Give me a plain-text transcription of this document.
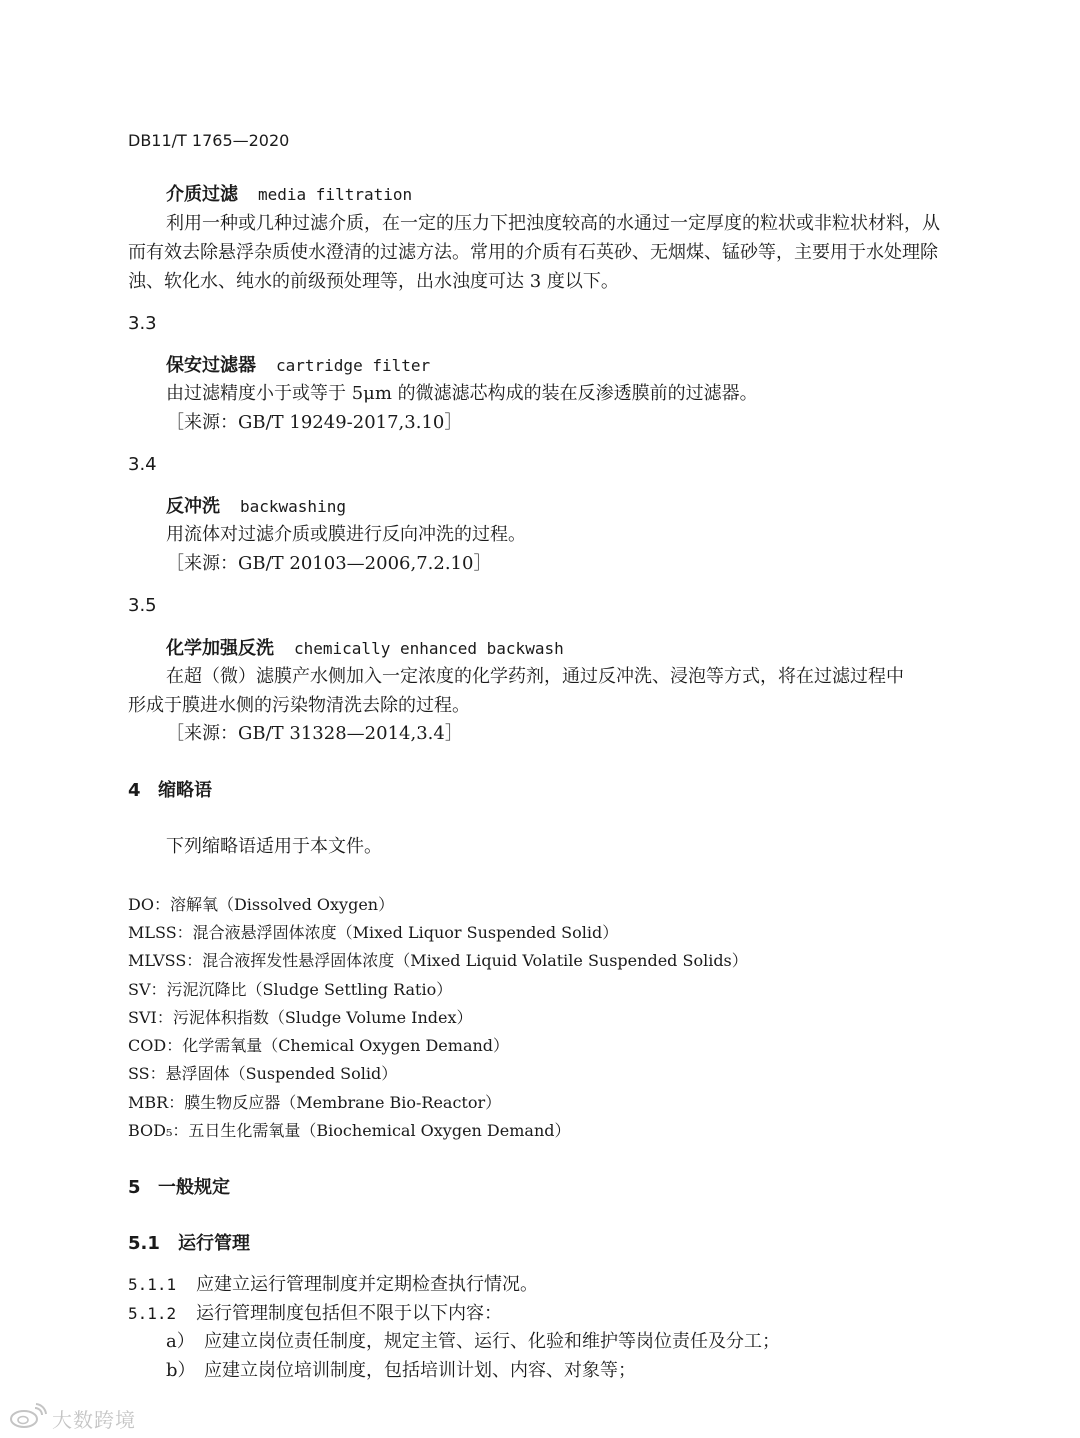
DB11/T 1765—2020
介质过滤 media filtration
利用一种或几种过滤介质，在一定的压力下把浊度较高的水通过一定厚度的粒状或非粒状材料，从
而有效去除悬浮杂质使水澄清的过滤方法。常用的介质有石英砂、无烟煤、锰砂等，主要用于水处理除
浊、软化水、纯水的前级预处理等，出水浊度可达 3 度以下。
3.3
保安过滤器 cartridge filter
由过滤精度小于或等于 5μm 的微滤滤芯构成的装在反渗透膜前的过滤器。
［来源：GB/T 19249-2017,3.10］
3.4
反冲洗 backwashing
用流体对过滤介质或膜进行反向冲洗的过程。
［来源：GB/T 20103—2006,7.2.10］
3.5
化学加强反洗 chemically enhanced backwash
在超（微）滤膜产水侧加入一定浓度的化学药剂，通过反冲洗、浸泡等方式，将在过滤过程中
形成于膜进水侧的污染物清洗去除的过程。
［来源：GB/T 31328—2014,3.4］
4 缩略语
下列缩略语适用于本文件。
DO：溶解氧（Dissolved Oxygen）
MLSS：混合液悬浮固体浓度（Mixed Liquor Suspended Solid）
MLVSS：混合液挥发性悬浮固体浓度（Mixed Liquid Volatile Suspended Solids）
SV：污泥沉降比（Sludge Settling Ratio）
SVI：污泥体积指数（Sludge Volume Index）
COD：化学需氧量（Chemical Oxygen Demand）
SS：悬浮固体（Suspended Solid）
MBR：膜生物反应器（Membrane Bio-Reactor）
BOD₅：五日生化需氧量（Biochemical Oxygen Demand）
5 一般规定
5.1 运行管理
5.1.1 应建立运行管理制度并定期检查执行情况。
5.1.2 运行管理制度包括但不限于以下内容：
a） 应建立岗位责任制度，规定主管、运行、化验和维护等岗位责任及分工；
b） 应建立岗位培训制度，包括培训计划、内容、对象等；
大数跨境
